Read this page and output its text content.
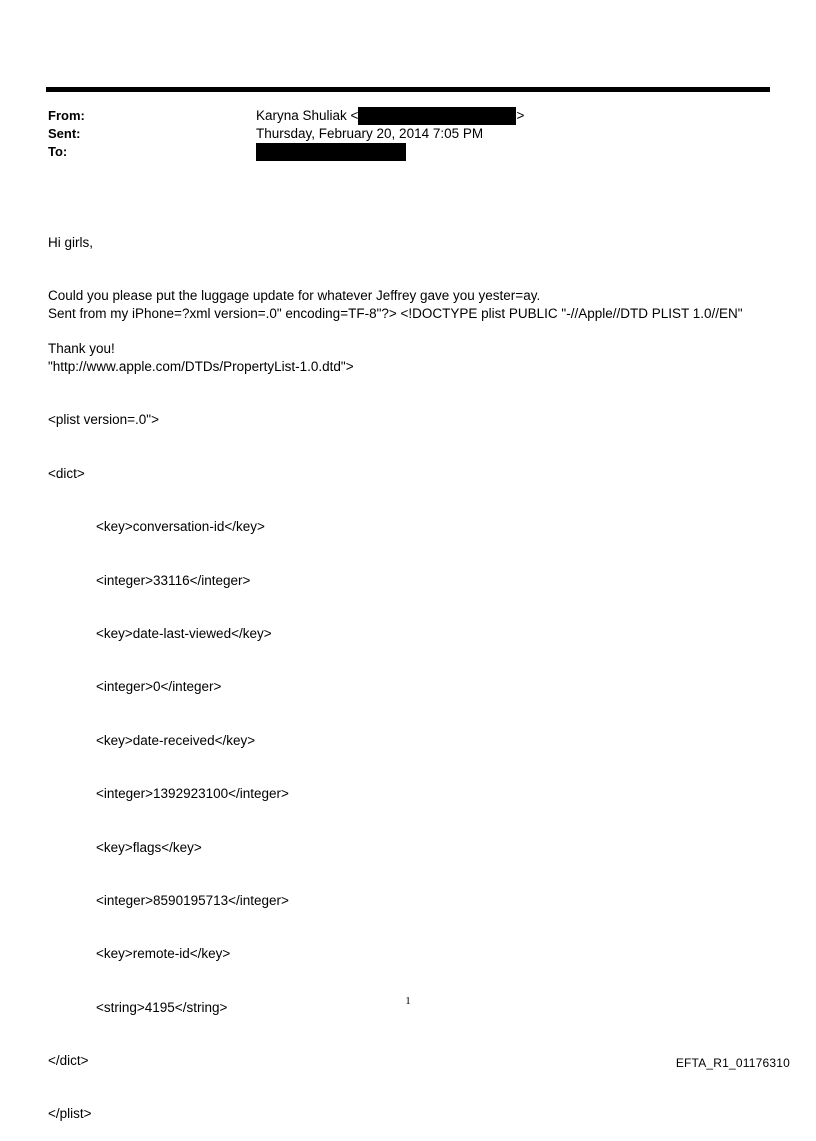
From:	Karyna Shuliak <	>
Sent:	Thursday, February 20, 2014 7:05 PM
To:

Hi girls,

Could you please put the luggage update for whatever Jeffrey gave you yester=ay.

Thank you!

Sent from my iPhone=?xml version=.0" encoding=TF-8"?> <!DOCTYPE plist PUBLIC "-//Apple//DTD PLIST 1.0//EN"

"http://www.apple.com/DTDs/PropertyList-1.0.dtd">

<plist version=.0">

<dict>

<key>conversation-id</key>

<integer>33116</integer>

<key>date-last-viewed</key>

<integer>0</integer>

<key>date-received</key>

<integer>1392923100</integer>

<key>flags</key>

<integer>8590195713</integer>

<key>remote-id</key>

<string>4195</string>

</dict>

</plist>

1
EFTA_R1_01176310
